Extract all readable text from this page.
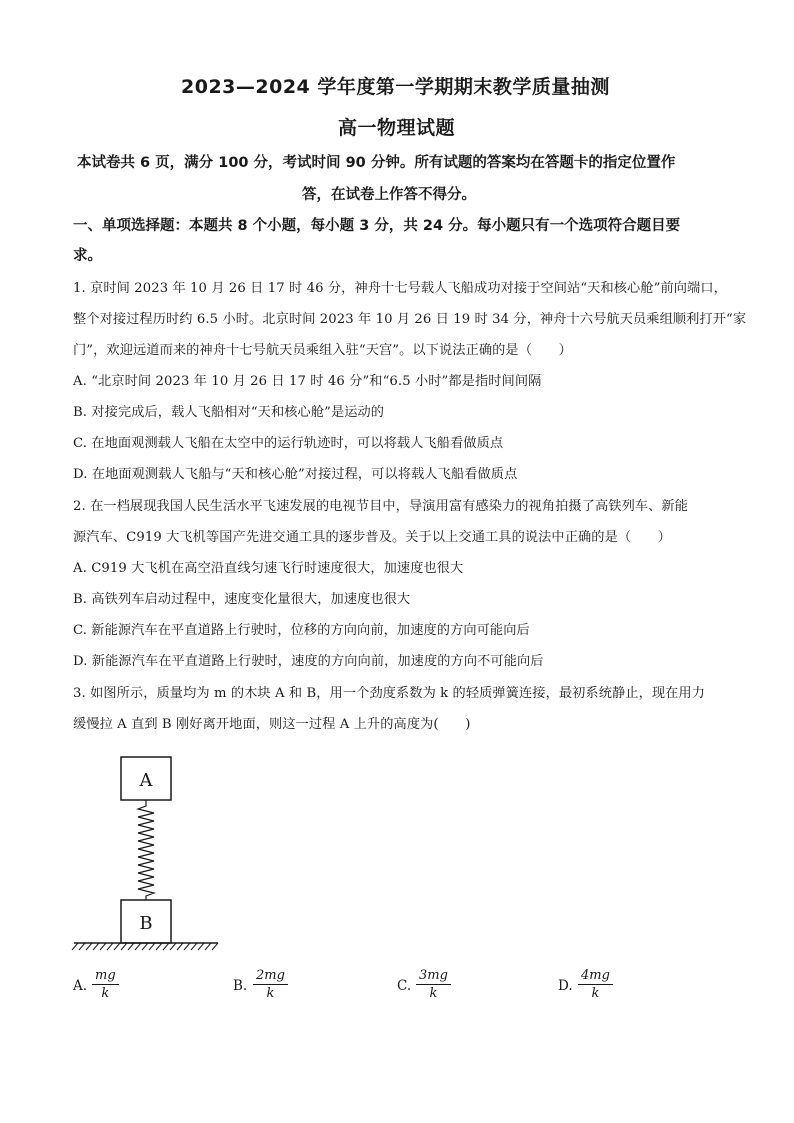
2023—2024 学年度第一学期期末教学质量抽测
高一物理试题
本试卷共 6 页，满分 100 分，考试时间 90 分钟。所有试题的答案均在答题卡的指定位置作
答，在试卷上作答不得分。
一、单项选择题：本题共 8 个小题，每小题 3 分，共 24 分。每小题只有一个选项符合题目要
求。
1. 京时间 2023 年 10 月 26 日 17 时 46 分，神舟十七号载人飞船成功对接于空间站“天和核心舱”前向端口，
整个对接过程历时约 6.5 小时。北京时间 2023 年 10 月 26 日 19 时 34 分，神舟十六号航天员乘组顺利打开“家
门”，欢迎远道而来的神舟十七号航天员乘组入驻“天宫”。以下说法正确的是（　　）
A. “北京时间 2023 年 10 月 26 日 17 时 46 分”和“6.5 小时”都是指时间间隔
B. 对接完成后，载人飞船相对“天和核心舱”是运动的
C. 在地面观测载人飞船在太空中的运行轨迹时，可以将载人飞船看做质点
D. 在地面观测载人飞船与“天和核心舱”对接过程，可以将载人飞船看做质点
2. 在一档展现我国人民生活水平飞速发展的电视节目中，导演用富有感染力的视角拍摄了高铁列车、新能
源汽车、C919 大飞机等国产先进交通工具的逐步普及。关于以上交通工具的说法中正确的是（　　）
A. C919 大飞机在高空沿直线匀速飞行时速度很大，加速度也很大
B. 高铁列车启动过程中，速度变化量很大，加速度也很大
C. 新能源汽车在平直道路上行驶时，位移的方向向前，加速度的方向可能向后
D. 新能源汽车在平直道路上行驶时，速度的方向向前，加速度的方向不可能向后
3. 如图所示，质量均为 m 的木块 A 和 B，用一个劲度系数为 k 的轻质弹簧连接，最初系统静止，现在用力
缓慢拉 A 直到 B 刚好离开地面，则这一过程 A 上升的高度为(　　)
A
B
A. $\frac{mg}{k}$	B. $\frac{2mg}{k}$	C. $\frac{3mg}{k}$	D. $\frac{4mg}{k}$
